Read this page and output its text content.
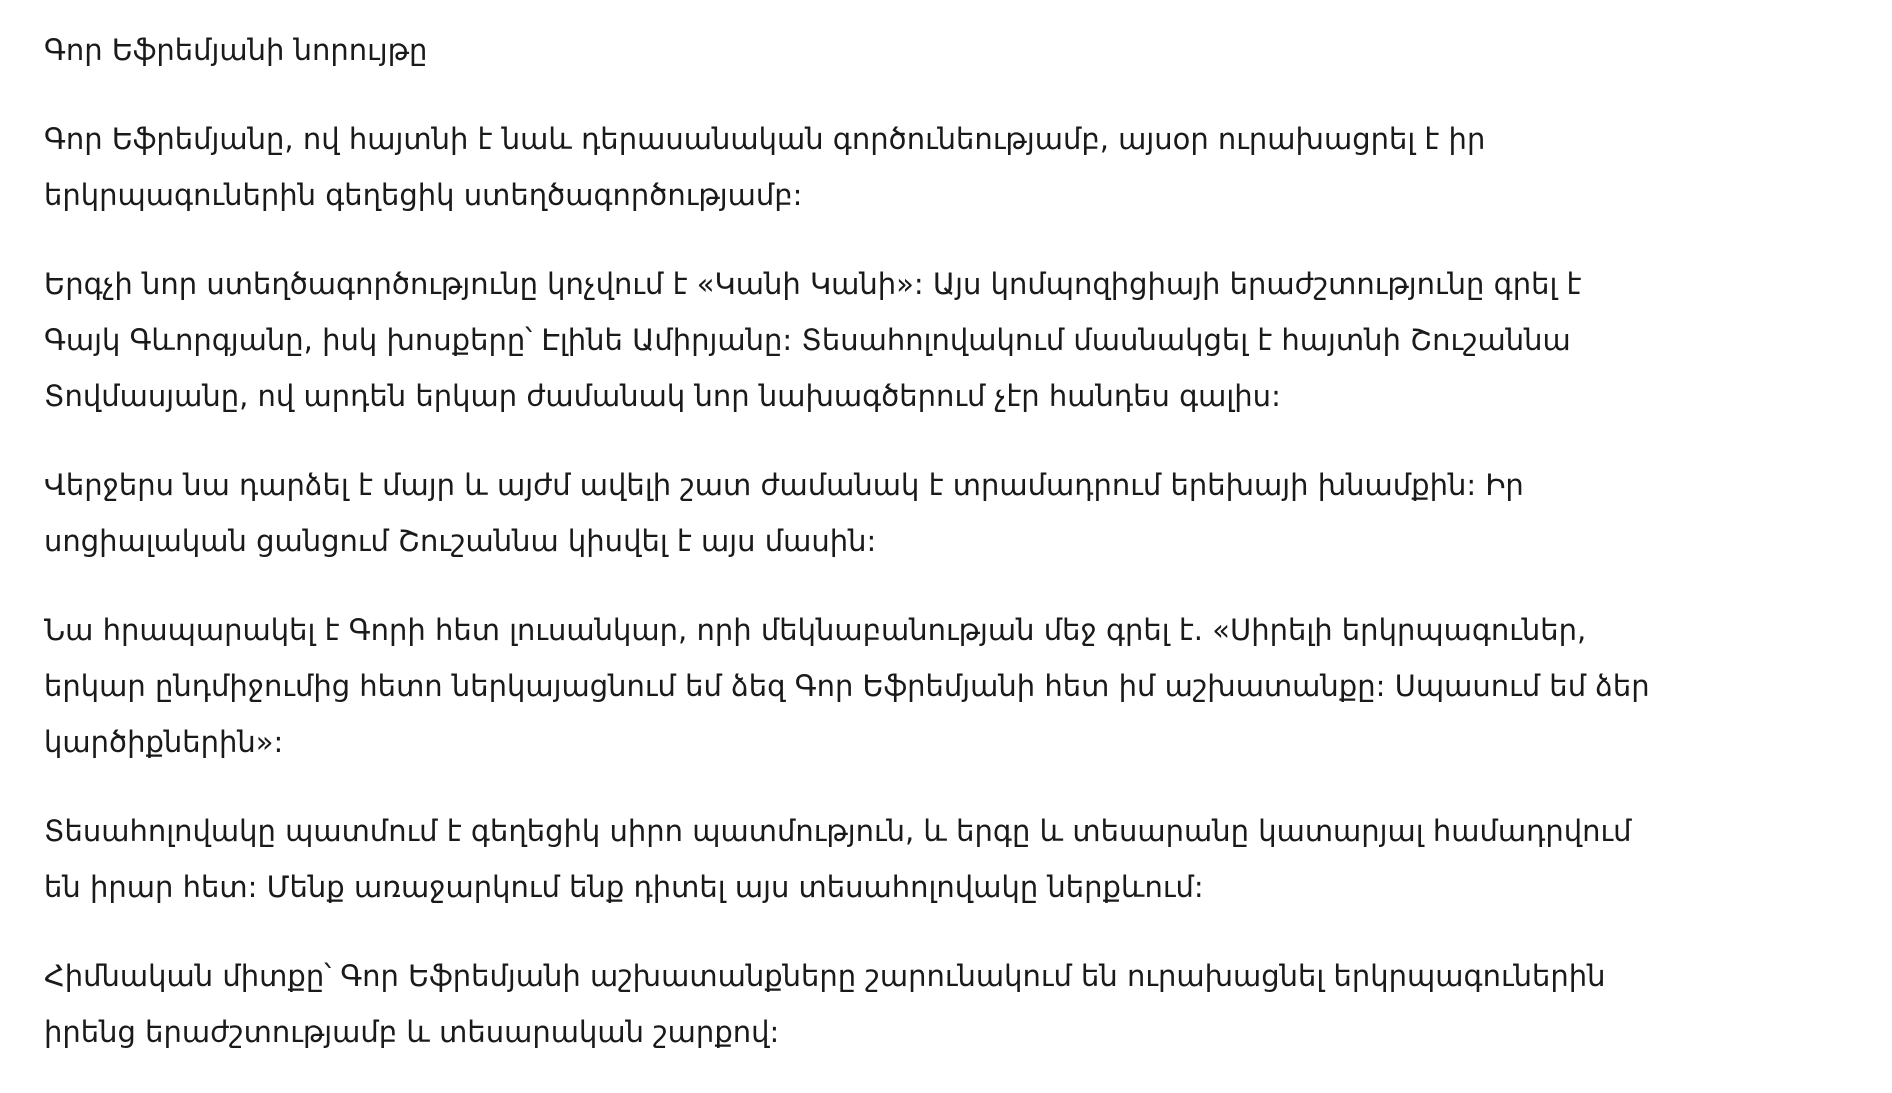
Գոր Եֆրեմյանի նորույթը

Գոր Եֆրեմյանը, ով հայտնի է նաև դերասանական գործունեությամբ, այսօր ուրախացրել է իր երկրպագուներին գեղեցիկ ստեղծագործությամբ:

Երգչի նոր ստեղծագործությունը կոչվում է «Կանի Կանի»: Այս կոմպոզիցիայի երաժշտությունը գրել է Գայկ Գևորգյանը, իսկ խոսքերը՝ Էլինե Ամիրյանը: Տեսահոլովակում մասնակցել է հայտնի Շուշաննա Տովմասյանը, ով արդեն երկար ժամանակ նոր նախագծերում չէր հանդես գալիս:

Վերջերս նա դարձել է մայր և այժմ ավելի շատ ժամանակ է տրամադրում երեխայի խնամքին: Իր սոցիալական ցանցում Շուշաննա կիսվել է այս մասին:

Նա հրապարակել է Գորի հետ լուսանկար, որի մեկնաբանության մեջ գրել է. «Սիրելի երկրպագուներ, երկար ընդմիջումից հետո ներկայացնում եմ ձեզ Գոր Եֆրեմյանի հետ իմ աշխատանքը: Սպասում եմ ձեր կարծիքներին»:

Տեսահոլովակը պատմում է գեղեցիկ սիրո պատմություն, և երգը և տեսարանը կատարյալ համադրվում են իրար հետ: Մենք առաջարկում ենք դիտել այս տեսահոլովակը ներքևում:

Հիմնական միտքը՝ Գոր Եֆրեմյանի աշխատանքները շարունակում են ուրախացնել երկրպագուներին իրենց երաժշտությամբ և տեսարական շարքով:
